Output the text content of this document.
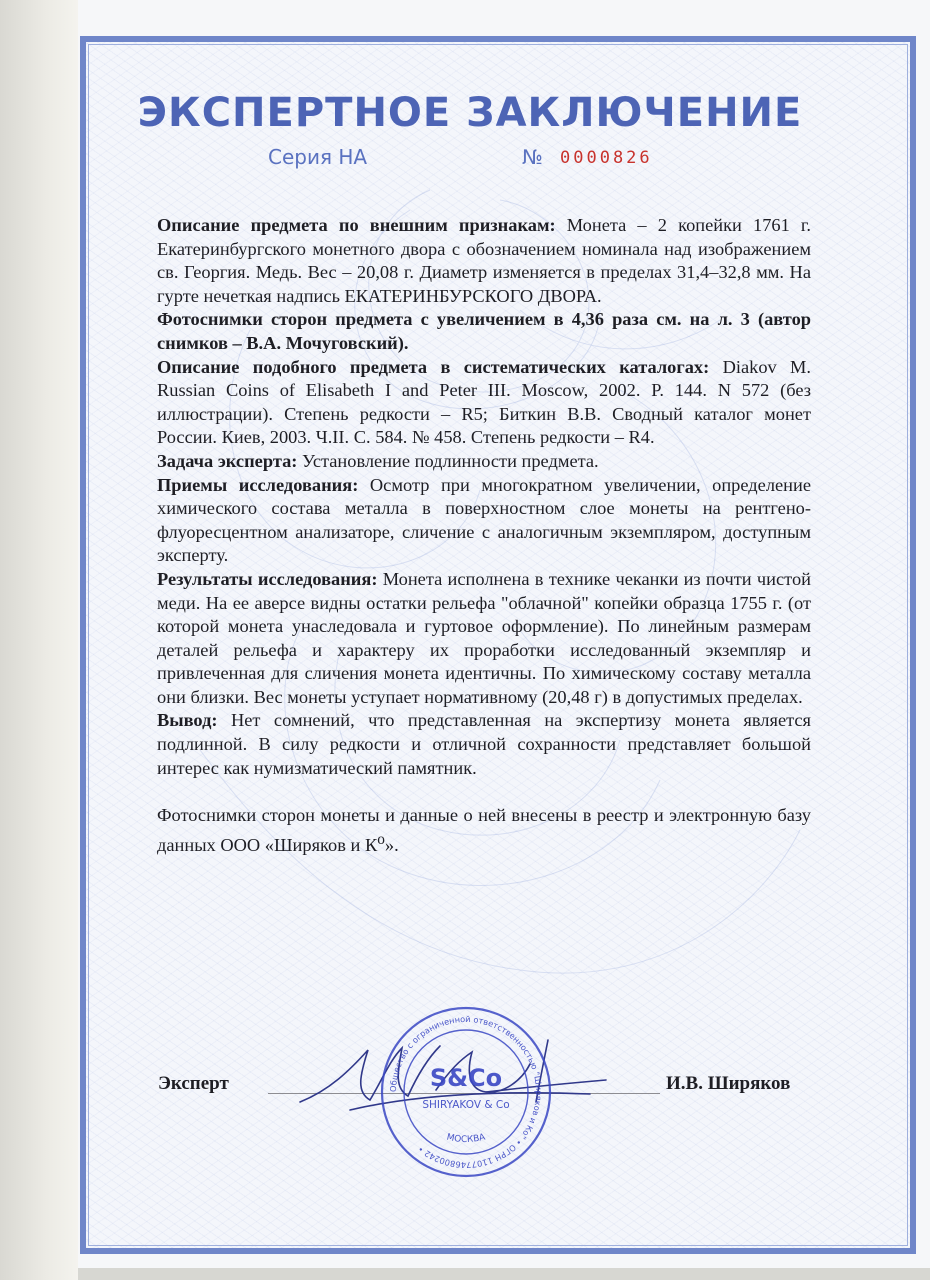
ЭКСПЕРТНОЕ ЗАКЛЮЧЕНИЕ
Серия НА	№ 0000826

Описание предмета по внешним признакам: Монета – 2 копейки 1761 г. Екатеринбургского монетного двора с обозначением номинала над изображением св. Георгия. Медь. Вес – 20,08 г. Диаметр изменяется в пределах 31,4–32,8 мм. На гурте нечеткая надпись ЕКАТЕРИНБУРСКОГО ДВОРА.

Фотоснимки сторон предмета с увеличением в 4,36 раза см. на л. 3 (автор снимков – В.А. Мочуговский).

Описание подобного предмета в систематических каталогах: Diakov M. Russian Coins of Elisabeth I and Peter III. Moscow, 2002. P. 144. N 572 (без иллюстрации). Степень редкости – R5; Биткин В.В. Сводный каталог монет России. Киев, 2003. Ч.II. С. 584. № 458. Степень редкости – R4.

Задача эксперта: Установление подлинности предмета.

Приемы исследования: Осмотр при многократном увеличении, определение химического состава металла в поверхностном слое монеты на рентгено-флуоресцентном анализаторе, сличение с аналогичным экземпляром, доступным эксперту.

Результаты исследования: Монета исполнена в технике чеканки из почти чистой меди. На ее аверсе видны остатки рельефа "облачной" копейки образца 1755 г. (от которой монета унаследовала и гуртовое оформление). По линейным размерам деталей рельефа и характеру их проработки исследованный экземпляр и привлеченная для сличения монета идентичны. По химическому составу металла они близки. Вес монеты уступает нормативному (20,48 г) в допустимых пределах.

Вывод: Нет сомнений, что представленная на экспертизу монета является подлинной. В силу редкости и отличной сохранности представляет большой интерес как нумизматический памятник.

Фотоснимки сторон монеты и данные о ней внесены в реестр и электронную базу данных ООО «Ширяков и $К^о$».

Эксперт	Общество с ограниченной ответственностью "Ширяков и Ко" • ОГРН 1107746800242 •
S&Co
SHIRYAKOV & Co
МОСКВА
И.В. Ширяков
